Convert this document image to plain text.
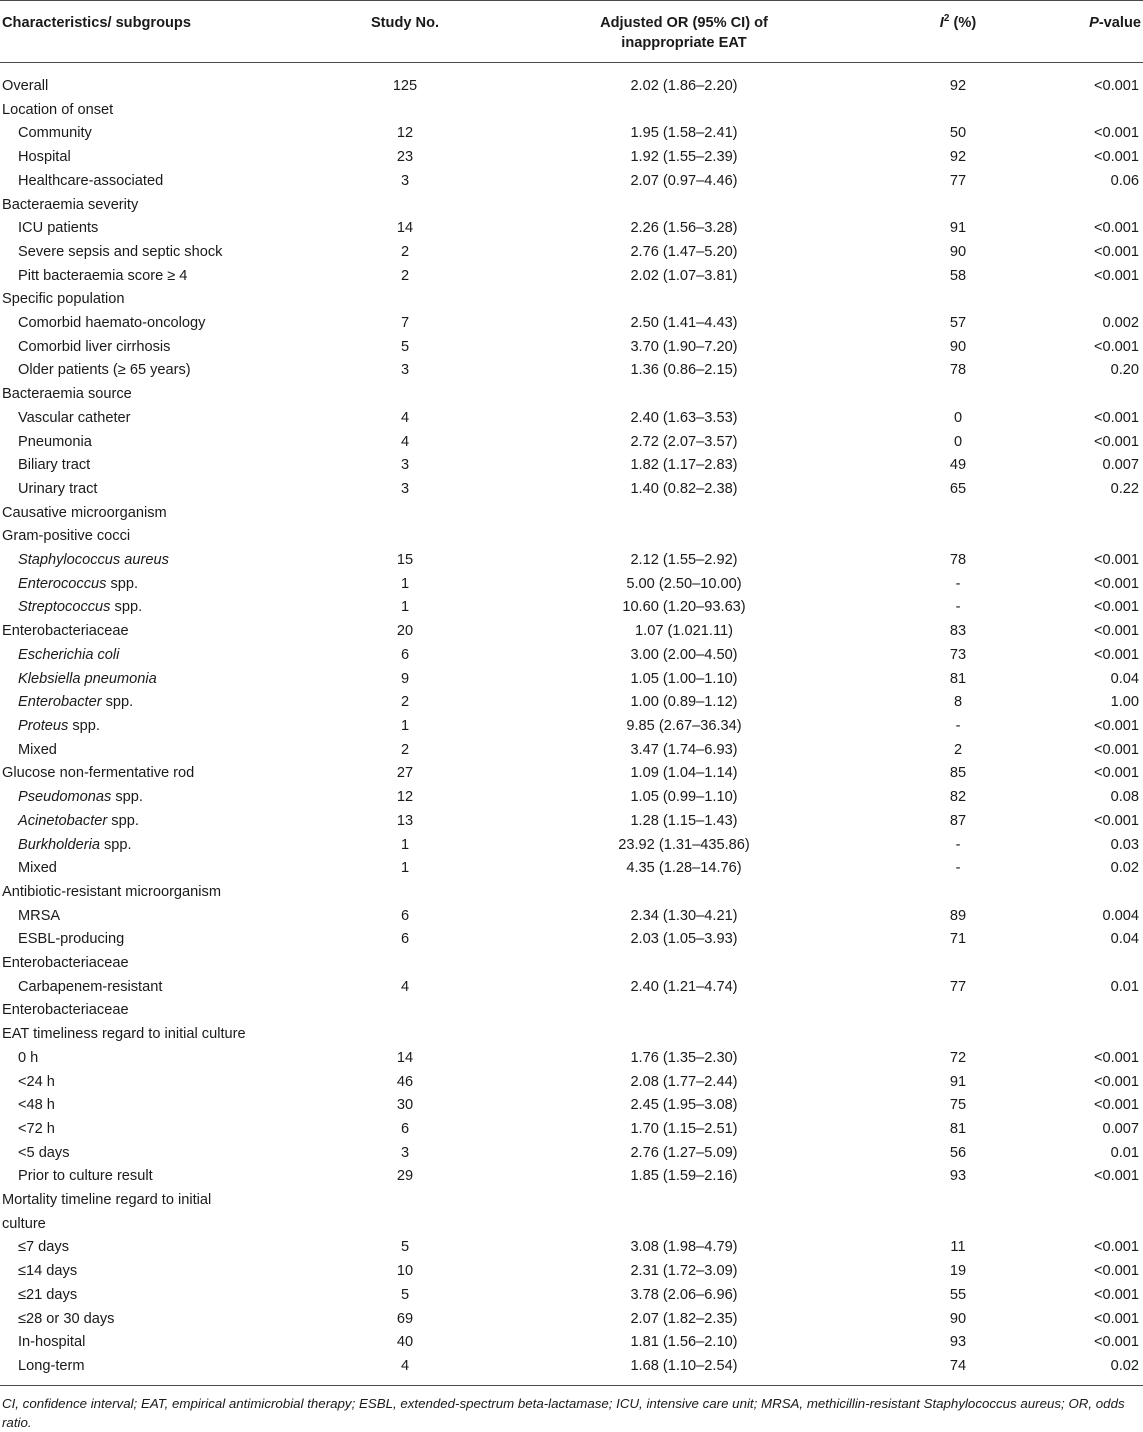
Characteristics/ subgroups	Study No.	Adjusted OR (95% CI) of
inappropriate EAT	$I^2$ (%)	P-value
Overall	125	2.02 (1.86–2.20)	92	<0.001
Location of onset				
Community	12	1.95 (1.58–2.41)	50	<0.001
Hospital	23	1.92 (1.55–2.39)	92	<0.001
Healthcare-associated	3	2.07 (0.97–4.46)	77	0.06
Bacteraemia severity				
ICU patients	14	2.26 (1.56–3.28)	91	<0.001
Severe sepsis and septic shock	2	2.76 (1.47–5.20)	90	<0.001
Pitt bacteraemia score ≥ 4	2	2.02 (1.07–3.81)	58	<0.001
Specific population				
Comorbid haemato-oncology	7	2.50 (1.41–4.43)	57	0.002
Comorbid liver cirrhosis	5	3.70 (1.90–7.20)	90	<0.001
Older patients (≥ 65 years)	3	1.36 (0.86–2.15)	78	0.20
Bacteraemia source				
Vascular catheter	4	2.40 (1.63–3.53)	0	<0.001
Pneumonia	4	2.72 (2.07–3.57)	0	<0.001
Biliary tract	3	1.82 (1.17–2.83)	49	0.007
Urinary tract	3	1.40 (0.82–2.38)	65	0.22
Causative microorganism				
Gram-positive cocci				
Staphylococcus aureus	15	2.12 (1.55–2.92)	78	<0.001
Enterococcus spp.	1	5.00 (2.50–10.00)	-	<0.001
Streptococcus spp.	1	10.60 (1.20–93.63)	-	<0.001
Enterobacteriaceae	20	1.07 (1.021.11)	83	<0.001
Escherichia coli	6	3.00 (2.00–4.50)	73	<0.001
Klebsiella pneumonia	9	1.05 (1.00–1.10)	81	0.04
Enterobacter spp.	2	1.00 (0.89–1.12)	8	1.00
Proteus spp.	1	9.85 (2.67–36.34)	-	<0.001
Mixed	2	3.47 (1.74–6.93)	2	<0.001
Glucose non-fermentative rod	27	1.09 (1.04–1.14)	85	<0.001
Pseudomonas spp.	12	1.05 (0.99–1.10)	82	0.08
Acinetobacter spp.	13	1.28 (1.15–1.43)	87	<0.001
Burkholderia spp.	1	23.92 (1.31–435.86)	-	0.03
Mixed	1	4.35 (1.28–14.76)	-	0.02
Antibiotic-resistant microorganism				
MRSA	6	2.34 (1.30–4.21)	89	0.004
ESBL-producing	6	2.03 (1.05–3.93)	71	0.04
Enterobacteriaceae				
Carbapenem-resistant	4	2.40 (1.21–4.74)	77	0.01
Enterobacteriaceae				
EAT timeliness regard to initial culture				
0 h	14	1.76 (1.35–2.30)	72	<0.001
<24 h	46	2.08 (1.77–2.44)	91	<0.001
<48 h	30	2.45 (1.95–3.08)	75	<0.001
<72 h	6	1.70 (1.15–2.51)	81	0.007
<5 days	3	2.76 (1.27–5.09)	56	0.01
Prior to culture result	29	1.85 (1.59–2.16)	93	<0.001
Mortality timeline regard to initial				
culture				
≤7 days	5	3.08 (1.98–4.79)	11	<0.001
≤14 days	10	2.31 (1.72–3.09)	19	<0.001
≤21 days	5	3.78 (2.06–6.96)	55	<0.001
≤28 or 30 days	69	2.07 (1.82–2.35)	90	<0.001
In-hospital	40	1.81 (1.56–2.10)	93	<0.001
Long-term	4	1.68 (1.10–2.54)	74	0.02
CI, confidence interval; EAT, empirical antimicrobial therapy; ESBL, extended-spectrum beta-lactamase; ICU, intensive care unit; MRSA, methicillin-resistant Staphylococcus aureus; OR, odds ratio.
